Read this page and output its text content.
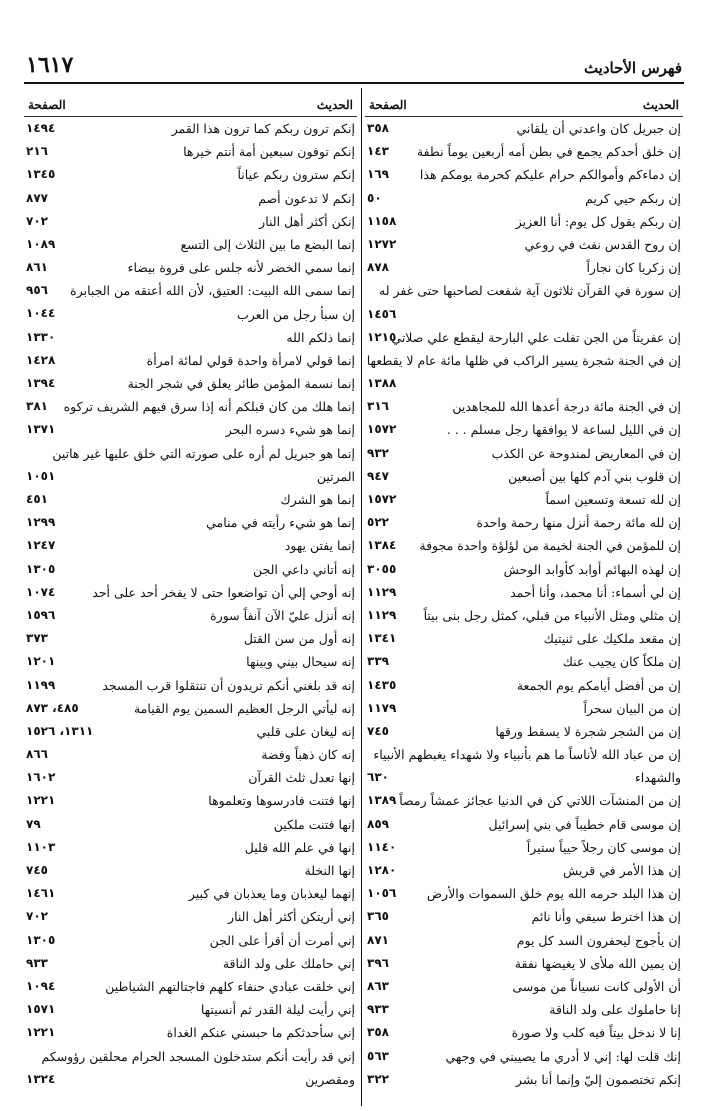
١٦١٧	فهرس الأحاديث
الحديث
الصفحة
إن جبريل كان واعدني أن يلقاني
٣٥٨
إن خلق أحدكم يجمع في بطن أمه أربعين يوماً نطفة
١٤٣
إن دماءكم وأموالكم حرام عليكم كحرمة يومكم هذا
١٦٩
إن ربكم حيي كريم
٥٠
إن ربكم يقول كل يوم: أنا العزيز
١١٥٨
إن روح القدس نفث في روعي
١٢٧٢
إن زكريا كان نجاراً
٨٧٨
إن سورة في القرآن ثلاثون آية شفعت لصاحبها حتى غفر له
١٤٥٦
إن عفريتاً من الجن تفلت علي البارحة ليقطع علي صلاتي
١٢١٥
إن في الجنة شجرة يسير الراكب في ظلها مائة عام لا يقطعها
١٣٨٨
إن في الجنة مائة درجة أعدها الله للمجاهدين
٣١٦
إن في الليل لساعة لا يوافقها رجل مسلم . . .
١٥٧٢
إن في المعاريض لمندوحة عن الكذب
٩٣٢
إن قلوب بني آدم كلها بين أصبعين
٩٤٧
إن لله تسعة وتسعين اسماً
١٥٧٢
إن لله مائة رحمة أنزل منها رحمة واحدة
٥٢٢
إن للمؤمن في الجنة لخيمة من لؤلؤة واحدة مجوفة
١٣٨٤
إن لهذه البهائم أوابد كأوابد الوحش
٣٠٥٥
إن لي أسماء: أنا محمد، وأنا أحمد
١١٢٩
إن مثلي ومثل الأنبياء من قبلي، كمثل رجل بنى بيتاً
١١٢٩
إن مقعد ملكيك على ثنيتيك
١٣٤١
إن ملكاً كان يجيب عنك
٣٣٩
إن من أفضل أيامكم يوم الجمعة
١٤٣٥
إن من البيان سحراً
١١٧٩
إن من الشجر شجرة لا يسقط ورقها
٧٤٥
إن من عباد الله لأناساً ما هم بأنبياء ولا شهداء يغبطهم الأنبياء والشهداء
٦٣٠
إن من المنشآت اللاتي كن في الدنيا عجائز عمشاً رمصاً
١٣٨٩
إن موسى قام خطيباً في بني إسرائيل
٨٥٩
إن موسى كان رجلاً حيياً ستيراً
١١٤٠
إن هذا الأمر في قريش
١٢٨٠
إن هذا البلد حرمه الله يوم خلق السموات والأرض
١٠٥٦
إن هذا اخترط سيفي وأنا نائم
٣٦٥
إن يأجوج ليحفرون السد كل يوم
٨٧١
إن يمين الله ملأى لا يغيضها نفقة
٣٩٦
أن الأولى كانت نسياناً من موسى
٨٦٣
إنا حاملوك على ولد الناقة
٩٣٣
إنا لا ندخل بيتاً فيه كلب ولا صورة
٣٥٨
إنك قلت لها: إني لا أدري ما يصيبني في وجهي
٥٦٣
إنكم تختصمون إليّ وإنما أنا بشر
٣٢٢
الحديث
الصفحة
إنكم ترون ربكم كما ترون هذا القمر
١٤٩٤
إنكم توفون سبعين أمة أنتم خيرها
٢١٦
إنكم سترون ربكم عياناً
١٣٤٥
إنكم لا تدعون أصم
٨٧٧
إنكن أكثر أهل النار
٧٠٢
إنما البضع ما بين الثلاث إلى التسع
١٠٨٩
إنما سمي الخضر لأنه جلس على فروة بيضاء
٨٦١
إنما سمى الله البيت: العتيق، لأن الله أعتقه من الجبابرة
٩٥٦
إن سبأ رجل من العرب
١٠٤٤
إنما ذلكم الله
١٣٣٠
إنما قولي لامرأة واحدة قولي لمائة امرأة
١٤٢٨
إنما نسمة المؤمن طائر يعلق في شجر الجنة
١٣٩٤
إنما هلك من كان قبلكم أنه إذا سرق فيهم الشريف تركوه
٣٨١
إنما هو شيء دسره البحر
١٣٧١
إنما هو جبريل لم أره على صورته التي خلق عليها غير هاتين المرتين
١٠٥١
إنما هو الشرك
٤٥١
إنما هو شيء رأيته في منامي
١٢٩٩
إنما يفتن يهود
١٢٤٧
إنه أتاني داعي الجن
١٣٠٥
إنه أوحي إلي أن تواضعوا حتى لا يفخر أحد على أحد
١٠٧٤
إنه أنزل عليّ الآن آنفاً سورة
١٥٩٦
إنه أول من سن القتل
٣٧٣
إنه سيحال بيني وبينها
١٢٠١
إنه قد بلغني أنكم تريدون أن تنتقلوا قرب المسجد
١١٩٩
إنه ليأتي الرجل العظيم السمين يوم القيامة
٤٨٥، ٨٧٣
إنه ليغان على قلبي
١٣١١، ١٥٢٦
إنه كان ذهباً وفضة
٨٦٦
إنها تعدل ثلث القرآن
١٦٠٢
إنها فتنت فادرسوها وتعلموها
١٢٢١
إنها فتنت ملكين
٧٩
إنها في علم الله قليل
١١٠٣
إنها النخلة
٧٤٥
إنهما ليعذبان وما يعذبان في كبير
١٤٦١
إني أريتكن أكثر أهل النار
٧٠٢
إني أمرت أن أقرأ على الجن
١٣٠٥
إني حاملك على ولد الناقة
٩٣٣
إني خلقت عبادي حنفاء كلهم فاجتالتهم الشياطين
١٠٩٤
إني رأيت ليلة القدر ثم أنسيتها
١٥٧١
إني سأحدثكم ما حبسني عنكم الغداة
١٢٢١
إني قد رأيت أنكم ستدخلون المسجد الحرام محلقين رؤوسكم ومقصرين
١٣٢٤
